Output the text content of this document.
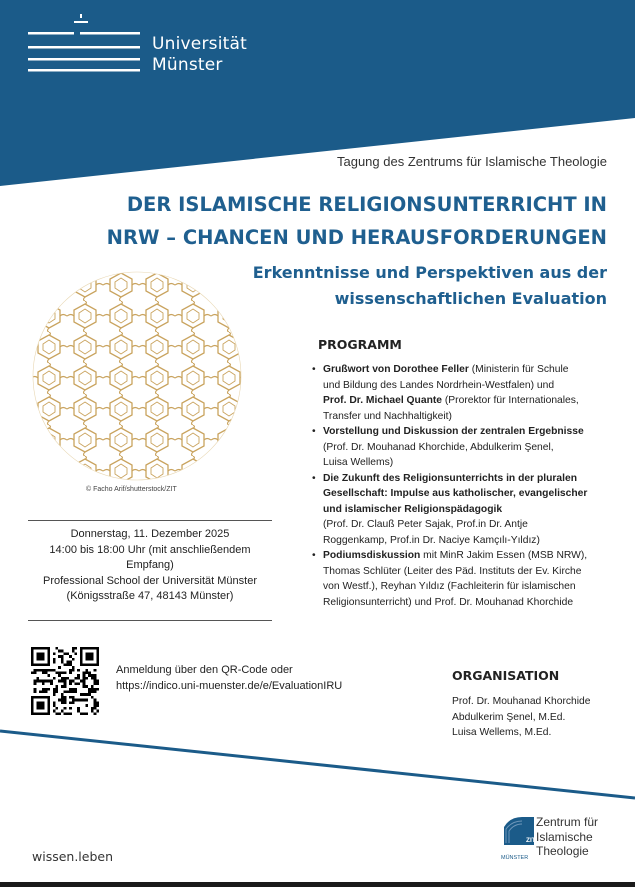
Universität
Münster
Tagung des Zentrums für Islamische Theologie
DER ISLAMISCHE RELIGIONSUNTERRICHT IN
NRW – CHANCEN UND HERAUSFORDERUNGEN
Erkenntnisse und Perspektiven aus der
wissenschaftlichen Evaluation
© Facho Arif/shutterstock/ZIT
PROGRAMM
• Grußwort von Dorothee Feller (Ministerin für Schule
und Bildung des Landes Nordrhein-Westfalen) und
Prof. Dr. Michael Quante (Prorektor für Internationales,
Transfer und Nachhaltigkeit)
• Vorstellung und Diskussion der zentralen Ergebnisse
(Prof. Dr. Mouhanad Khorchide, Abdulkerim Şenel,
Luisa Wellems)
• Die Zukunft des Religionsunterrichts in der pluralen
Gesellschaft: Impulse aus katholischer, evangelischer
und islamischer Religionspädagogik
(Prof. Dr. Clauß Peter Sajak, Prof.in Dr. Antje
Roggenkamp, Prof.in Dr. Naciye Kamçılı-Yıldız)
• Podiumsdiskussion mit MinR Jakim Essen (MSB NRW),
Thomas Schlüter (Leiter des Päd. Instituts der Ev. Kirche
von Westf.), Reyhan Yıldız (Fachleiterin für islamischen
Religionsunterricht) und Prof. Dr. Mouhanad Khorchide
Donnerstag, 11. Dezember 2025
14:00 bis 18:00 Uhr (mit anschließendem
Empfang)
Professional School der Universität Münster
(Königsstraße 47, 48143 Münster)
Anmeldung über den QR-Code oder
https://indico.uni-muenster.de/e/EvaluationIRU
ORGANISATION
Prof. Dr. Mouhanad Khorchide
Abdulkerim Şenel, M.Ed.
Luisa Wellems, M.Ed.
wissen.leben
ZIT
MÜNSTER
Zentrum für
Islamische
Theologie
